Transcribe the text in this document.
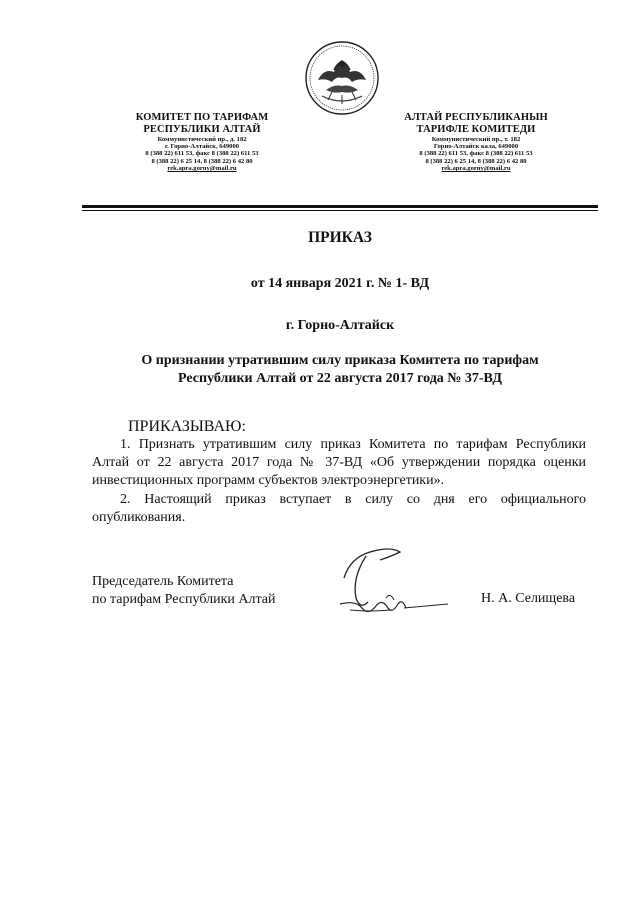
КОМИТЕТ ПО ТАРИФАМ
РЕСПУБЛИКИ АЛТАЙ
Коммунистический пр., д. 182
г. Горно-Алтайск, 649000
8 (388 22) 611 53, факс 8 (388 22) 611 53
8 (388 22) 6 25 14, 8 (388 22) 6 42 80
rek.apra.gorny@mail.ru
АЛТАЙ РЕСПУБЛИКАНЫН
ТАРИФЛЕ КОМИТЕДИ
Коммунистический пр., т. 182
Горно-Алтайск кала, 649000
8 (388 22) 611 53, факс 8 (388 22) 611 53
8 (388 22) 6 25 14, 8 (388 22) 6 42 80
rek.apra.gorny@mail.ru
ПРИКАЗ
от 14 января 2021 г. № 1- ВД
г. Горно-Алтайск
О признании утратившим силу приказа Комитета по тарифам
Республики Алтай от 22 августа 2017 года № 37-ВД
ПРИКАЗЫВАЮ:
1. Признать утратившим силу приказ Комитета по тарифам Республики Алтай от 22 августа 2017 года № 37-ВД «Об утверждении порядка оценки инвестиционных программ субъектов электроэнергетики».
2. Настоящий приказ вступает в силу со дня его официального опубликования.
Председатель Комитета
по тарифам Республики Алтай	Н. А. Селищева
